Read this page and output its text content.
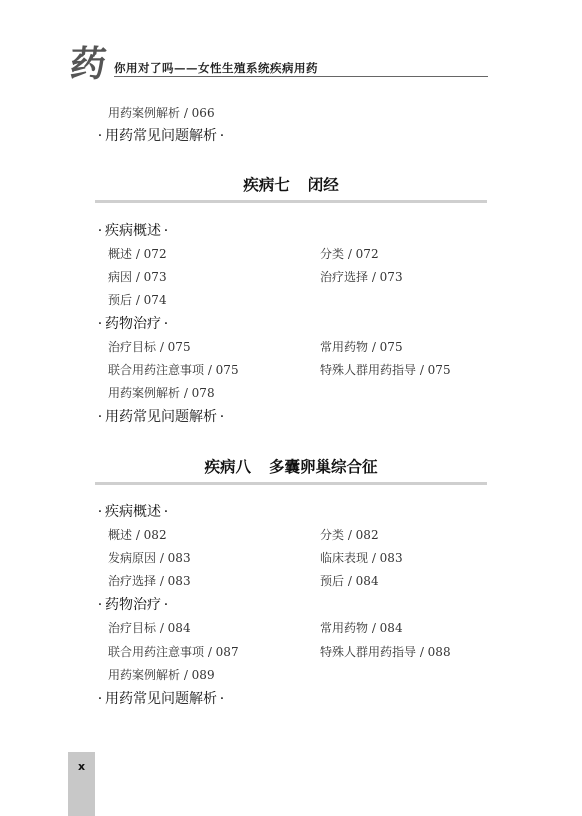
药 你用对了吗——女性生殖系统疾病用药
用药案例解析 / 066
· 用药常见问题解析 ·
疾病七 闭经
· 疾病概述 ·
概述 / 072	分类 / 072
病因 / 073	治疗选择 / 073
预后 / 074
· 药物治疗 ·
治疗目标 / 075	常用药物 / 075
联合用药注意事项 / 075	特殊人群用药指导 / 075
用药案例解析 / 078
· 用药常见问题解析 ·
疾病八 多囊卵巢综合征
· 疾病概述 ·
概述 / 082	分类 / 082
发病原因 / 083	临床表现 / 083
治疗选择 / 083	预后 / 084
· 药物治疗 ·
治疗目标 / 084	常用药物 / 084
联合用药注意事项 / 087	特殊人群用药指导 / 088
用药案例解析 / 089
· 用药常见问题解析 ·
x
